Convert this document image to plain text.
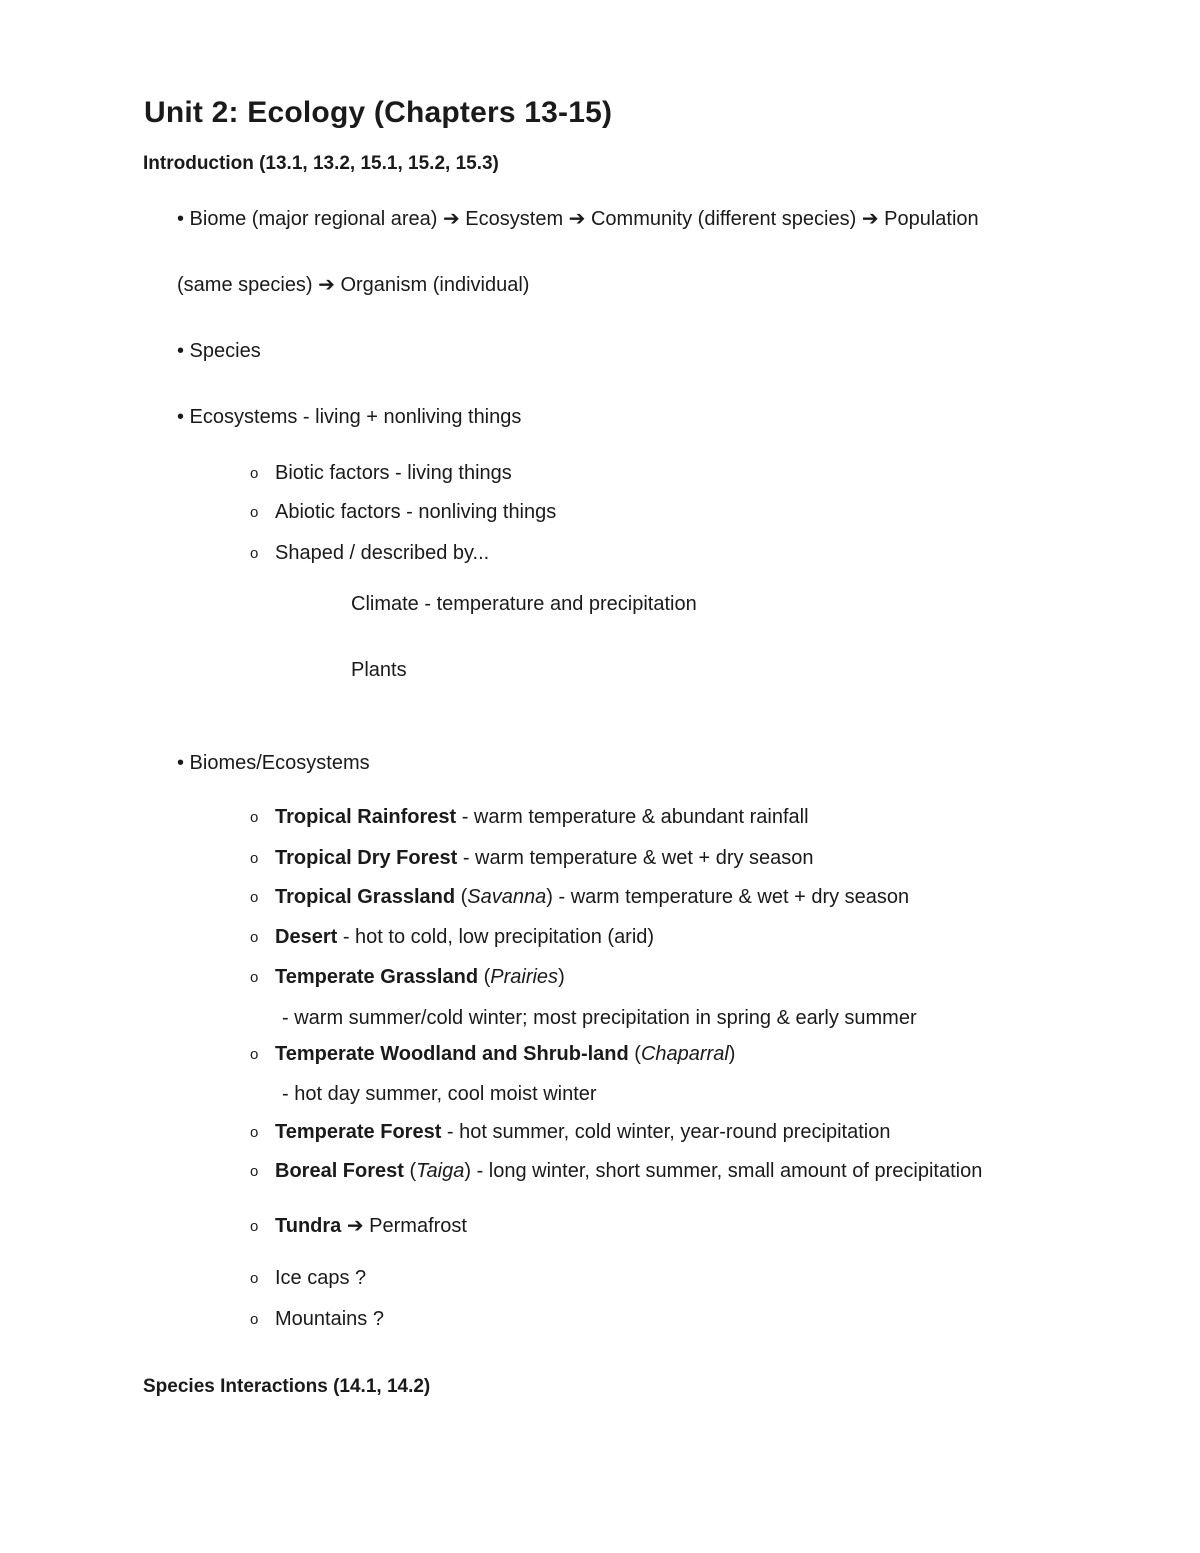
Unit 2: Ecology (Chapters 13-15)
Introduction (13.1, 13.2, 15.1, 15.2, 15.3)
• Biome (major regional area) ➔ Ecosystem ➔ Community (different species) ➔ Population
(same species) ➔ Organism (individual)
• Species
• Ecosystems - living + nonliving things
o Biotic factors - living things
o Abiotic factors - nonliving things
o Shaped / described by...
Climate - temperature and precipitation
Plants
• Biomes/Ecosystems
o Tropical Rainforest - warm temperature & abundant rainfall
o Tropical Dry Forest - warm temperature & wet + dry season
o Tropical Grassland (Savanna) - warm temperature & wet + dry season
o Desert - hot to cold, low precipitation (arid)
o Temperate Grassland (Prairies)
- warm summer/cold winter; most precipitation in spring & early summer
o Temperate Woodland and Shrub-land (Chaparral)
- hot day summer, cool moist winter
o Temperate Forest - hot summer, cold winter, year-round precipitation
o Boreal Forest (Taiga) - long winter, short summer, small amount of precipitation
o Tundra ➔ Permafrost
o Ice caps ?
o Mountains ?
Species Interactions (14.1, 14.2)
